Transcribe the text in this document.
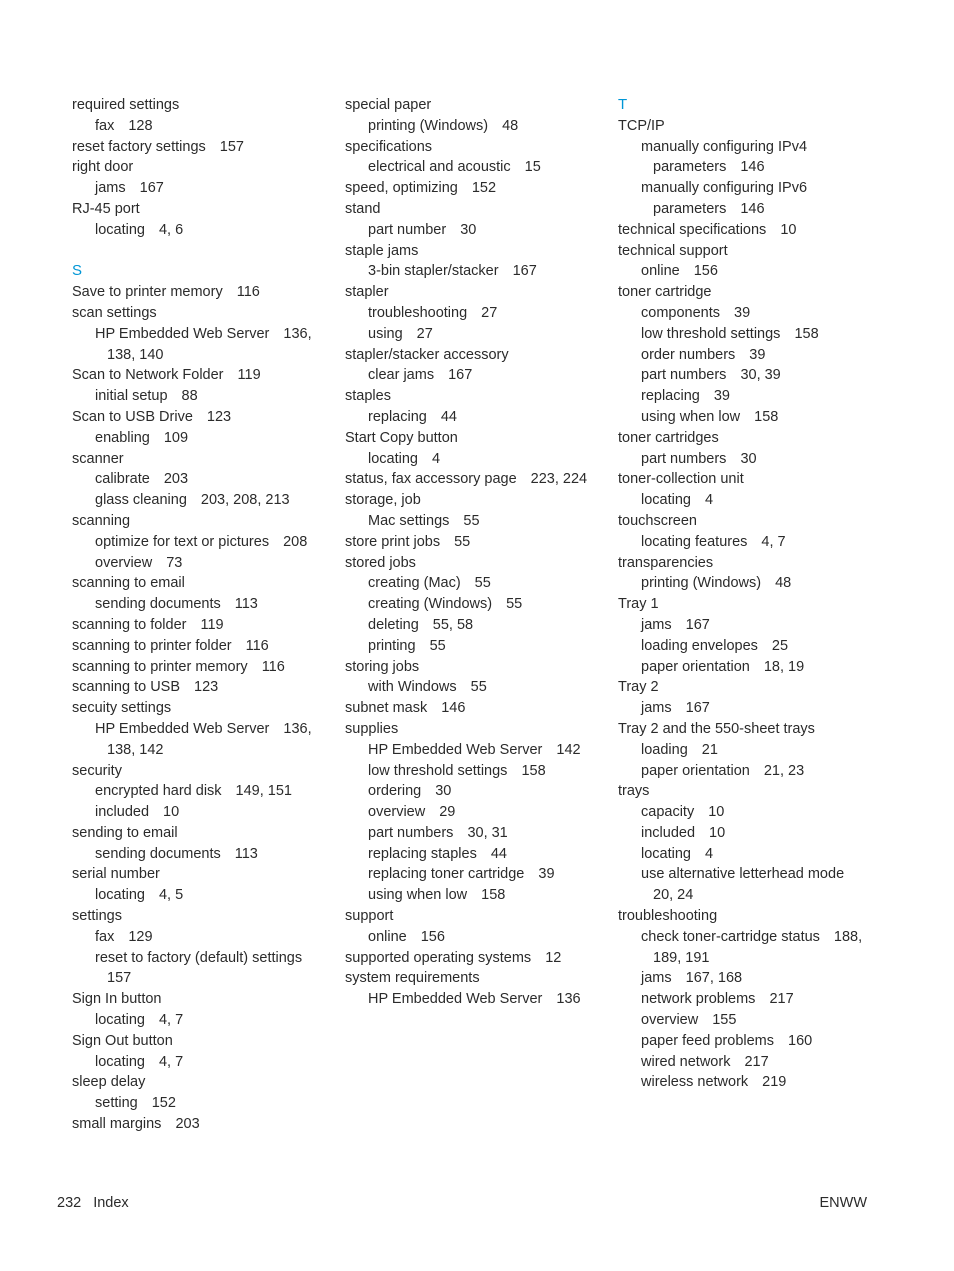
required settings
fax 128
reset factory settings 157
right door
jams 167
RJ-45 port
locating 4, 6
S
Save to printer memory 116
scan settings
HP Embedded Web Server 136,
138, 140
Scan to Network Folder 119
initial setup 88
Scan to USB Drive 123
enabling 109
scanner
calibrate 203
glass cleaning 203, 208, 213
scanning
optimize for text or pictures 208
overview 73
scanning to email
sending documents 113
scanning to folder 119
scanning to printer folder 116
scanning to printer memory 116
scanning to USB 123
secuity settings
HP Embedded Web Server 136,
138, 142
security
encrypted hard disk 149, 151
included 10
sending to email
sending documents 113
serial number
locating 4, 5
settings
fax 129
reset to factory (default) settings
157
Sign In button
locating 4, 7
Sign Out button
locating 4, 7
sleep delay
setting 152
small margins 203
special paper
printing (Windows) 48
specifications
electrical and acoustic 15
speed, optimizing 152
stand
part number 30
staple jams
3-bin stapler/stacker 167
stapler
troubleshooting 27
using 27
stapler/stacker accessory
clear jams 167
staples
replacing 44
Start Copy button
locating 4
status, fax accessory page 223, 224
storage, job
Mac settings 55
store print jobs 55
stored jobs
creating (Mac) 55
creating (Windows) 55
deleting 55, 58
printing 55
storing jobs
with Windows 55
subnet mask 146
supplies
HP Embedded Web Server 142
low threshold settings 158
ordering 30
overview 29
part numbers 30, 31
replacing staples 44
replacing toner cartridge 39
using when low 158
support
online 156
supported operating systems 12
system requirements
HP Embedded Web Server 136
T
TCP/IP
manually configuring IPv4
parameters 146
manually configuring IPv6
parameters 146
technical specifications 10
technical support
online 156
toner cartridge
components 39
low threshold settings 158
order numbers 39
part numbers 30, 39
replacing 39
using when low 158
toner cartridges
part numbers 30
toner-collection unit
locating 4
touchscreen
locating features 4, 7
transparencies
printing (Windows) 48
Tray 1
jams 167
loading envelopes 25
paper orientation 18, 19
Tray 2
jams 167
Tray 2 and the 550-sheet trays
loading 21
paper orientation 21, 23
trays
capacity 10
included 10
locating 4
use alternative letterhead mode
20, 24
troubleshooting
check toner-cartridge status 188,
189, 191
jams 167, 168
network problems 217
overview 155
paper feed problems 160
wired network 217
wireless network 219
232 Index	ENWW
